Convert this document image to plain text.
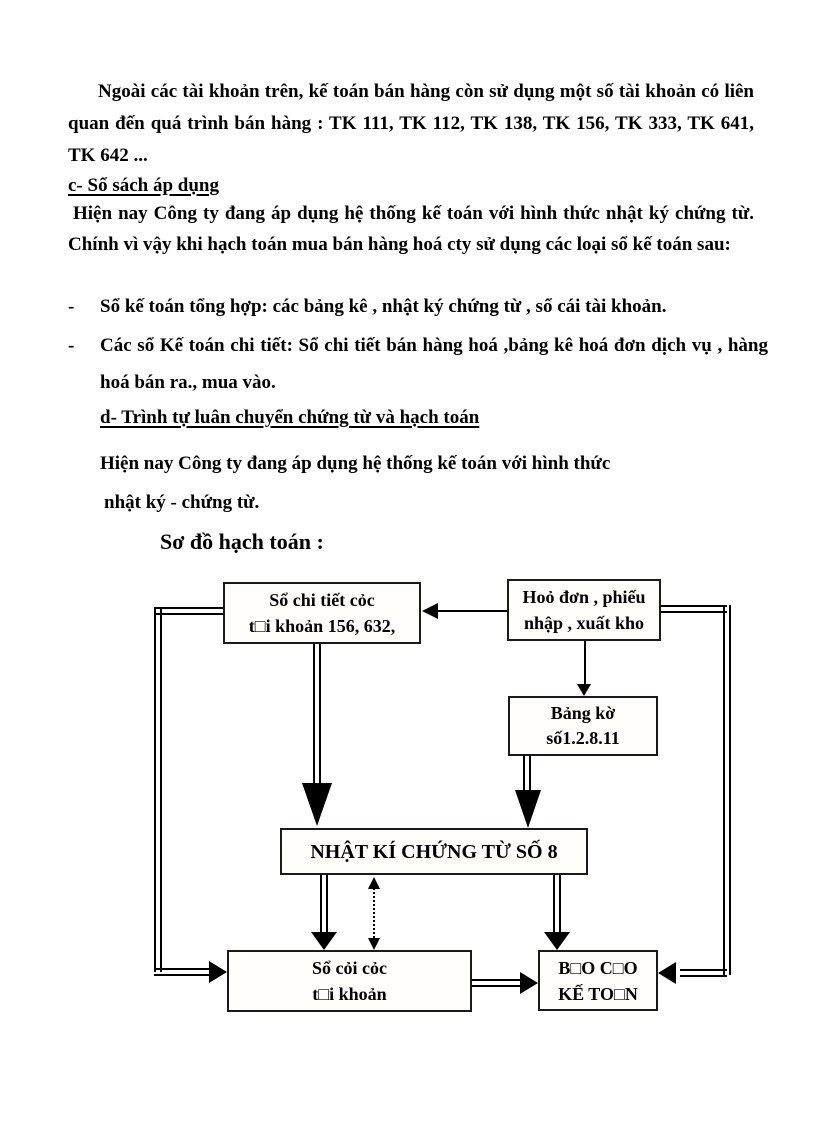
Ngoài các tài khoản trên, kế toán bán hàng còn sử dụng một số tài khoản có liên quan đến quá trình bán hàng : TK 111, TK 112, TK 138, TK 156, TK 333, TK 641, TK 642 ...
c- Sổ sách áp dụng
Hiện nay Công ty đang áp dụng hệ thống kế toán với hình thức nhật ký chứng từ. Chính vì vậy khi hạch toán mua bán hàng hoá cty sử dụng các loại sổ kế toán sau:
-	Sổ kế toán tổng hợp: các bảng kê , nhật ký chứng từ , sổ cái tài khoản.
-	Các sổ Kế toán chi tiết: Sổ chi tiết bán hàng hoá ,bảng kê hoá đơn dịch vụ , hàng hoá bán ra., mua vào.
d- Trình tự luân chuyển chứng từ và hạch toán
Hiện nay Công ty đang áp dụng hệ thống kế toán với hình thức
nhật ký - chứng từ.
Sơ đồ hạch toán :
Sổ chi tiết cỏc
t□i khoản 156, 632,
Hoỏ đơn , phiếu
nhập , xuất kho
Bảng kờ
số1.2.8.11
NHẬT KÍ CHỨNG TỪ SỐ 8
Sổ cỏi cỏc
t□i khoản
B□O C□O
KẾ TO□N
